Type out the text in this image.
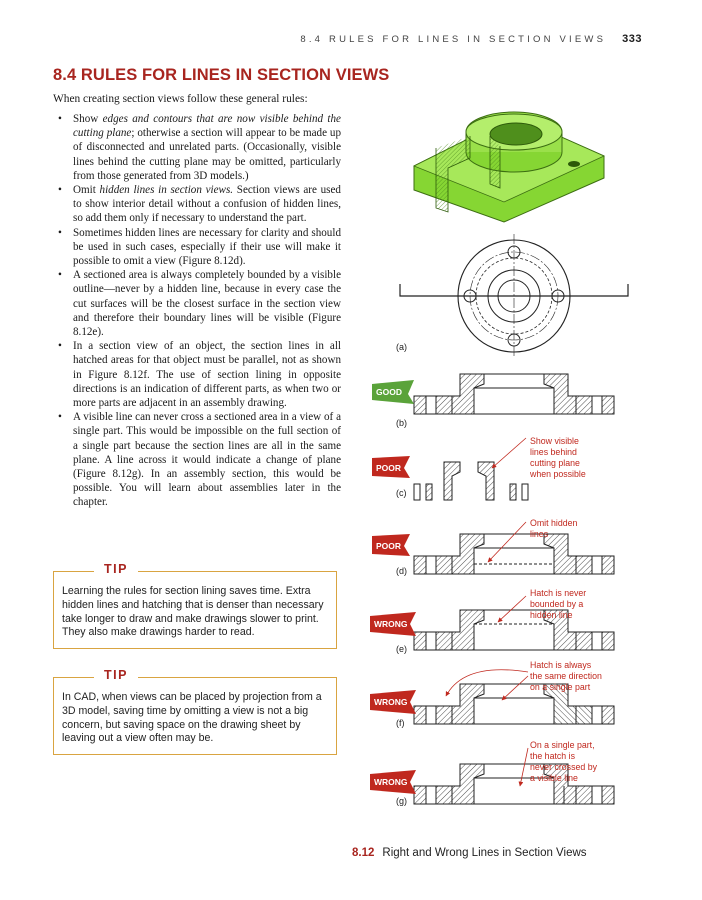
8.4 RULES FOR LINES IN SECTION VIEWS 333
8.4 RULES FOR LINES IN SECTION VIEWS
When creating section views follow these general rules:
• Show edges and contours that are now visible behind the cutting plane; otherwise a section will appear to be made up of disconnected and unrelated parts. (Occasionally, visible lines behind the cutting plane may be omitted, particularly from those generated from 3D models.)
• Omit hidden lines in section views. Section views are used to show interior detail without a confusion of hidden lines, so add them only if necessary to understand the part.
• Sometimes hidden lines are necessary for clarity and should be used in such cases, especially if their use will make it possible to omit a view (Figure 8.12d).
• A sectioned area is always completely bounded by a visible outline—never by a hidden line, because in every case the cut surfaces will be the closest surface in the section view and therefore their boundary lines will be visible (Figure 8.12e).
• In a section view of an object, the section lines in all hatched areas for that object must be parallel, not as shown in Figure 8.12f. The use of section lining in opposite directions is an indication of different parts, as when two or more parts are adjacent in an assembly drawing.
• A visible line can never cross a sectioned area in a view of a single part. This would be impossible on the full section of a single part because the section lines are all in the same plane. A line across it would indicate a change of plane (Figure 8.12g). In an assembly section, this would be possible. You will learn about assemblies later in the chapter.
TIP
Learning the rules for section lining saves time. Extra hidden lines and hatching that is denser than necessary take longer to draw and make drawings slower to print. They also make drawings harder to read.
TIP
In CAD, when views can be placed by projection from a 3D model, saving time by omitting a view is not a big concern, but saving space on the drawing sheet by leaving out a view often may be.
(a)
GOOD
(b)
POOR
(c)
Show visible lines behind cutting plane when possible
POOR
(d)
Omit hidden lines
WRONG
(e)
Hatch is never bounded by a hidden line
WRONG
(f)
Hatch is always the same direction on a single part
WRONG
(g)
On a single part, the hatch is never crossed by a visible line
8.12 Right and Wrong Lines in Section Views
